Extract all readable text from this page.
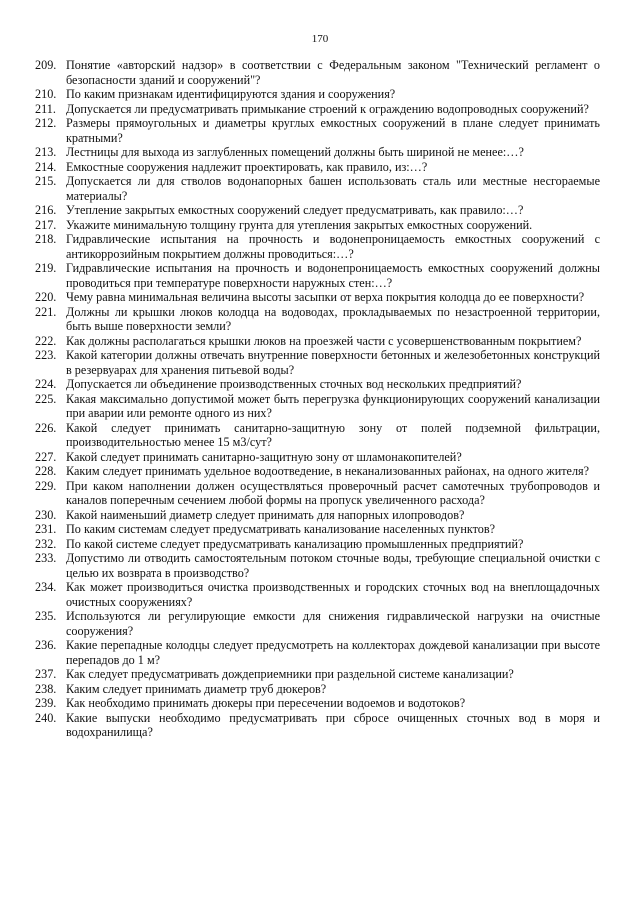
170
209. Понятие «авторский надзор» в соответствии с Федеральным законом "Технический регламент о безопасности зданий и сооружений"?
210. По каким признакам идентифицируются здания и сооружения?
211. Допускается ли предусматривать примыкание строений к ограждению водопроводных сооружений?
212. Размеры прямоугольных и диаметры круглых емкостных сооружений в плане следует принимать кратными?
213. Лестницы для выхода из заглубленных помещений должны быть шириной не менее:…?
214. Емкостные сооружения надлежит проектировать, как правило, из:…?
215. Допускается ли для стволов водонапорных башен использовать сталь или местные несгораемые материалы?
216. Утепление закрытых емкостных сооружений следует предусматривать, как правило:…?
217. Укажите минимальную толщину грунта для утепления закрытых емкостных сооружений.
218. Гидравлические испытания на прочность и водонепроницаемость емкостных сооружений с антикоррозийным покрытием должны проводиться:…?
219. Гидравлические испытания на прочность и водонепроницаемость емкостных сооружений должны проводиться при температуре поверхности наружных стен:…?
220. Чему равна минимальная величина высоты засыпки от верха покрытия колодца до ее поверхности?
221. Должны ли крышки люков колодца на водоводах, прокладываемых по незастроенной территории, быть выше поверхности земли?
222. Как должны располагаться крышки люков на проезжей части с усовершенствованным покрытием?
223. Какой категории должны отвечать внутренние поверхности бетонных и железобетонных конструкций в резервуарах для хранения питьевой воды?
224. Допускается ли объединение производственных сточных вод нескольких предприятий?
225. Какая максимально допустимой может быть перегрузка функционирующих сооружений канализации при аварии или ремонте одного из них?
226. Какой следует принимать санитарно-защитную зону от полей подземной фильтрации, производительностью менее 15 м3/сут?
227. Какой следует принимать санитарно-защитную зону от шламонакопителей?
228. Каким следует принимать удельное водоотведение, в неканализованных районах, на одного жителя?
229. При каком наполнении должен осуществляться проверочный расчет самотечных трубопроводов и каналов поперечным сечением любой формы на пропуск увеличенного расхода?
230. Какой наименьший диаметр следует принимать для напорных илопроводов?
231. По каким системам следует предусматривать канализование населенных пунктов?
232. По какой системе следует предусматривать канализацию промышленных предприятий?
233. Допустимо ли отводить самостоятельным потоком сточные воды, требующие специальной очистки с целью их возврата в производство?
234. Как может производиться очистка производственных и городских сточных вод на внеплощадочных очистных сооружениях?
235. Используются ли регулирующие емкости для снижения гидравлической нагрузки на очистные сооружения?
236. Какие перепадные колодцы следует предусмотреть на коллекторах дождевой канализации при высоте перепадов до 1 м?
237. Как следует предусматривать дождеприемники при раздельной системе канализации?
238. Каким следует принимать диаметр труб дюкеров?
239. Как необходимо принимать дюкеры при пересечении водоемов и водотоков?
240. Какие выпуски необходимо предусматривать при сбросе очищенных сточных вод в моря и водохранилища?
